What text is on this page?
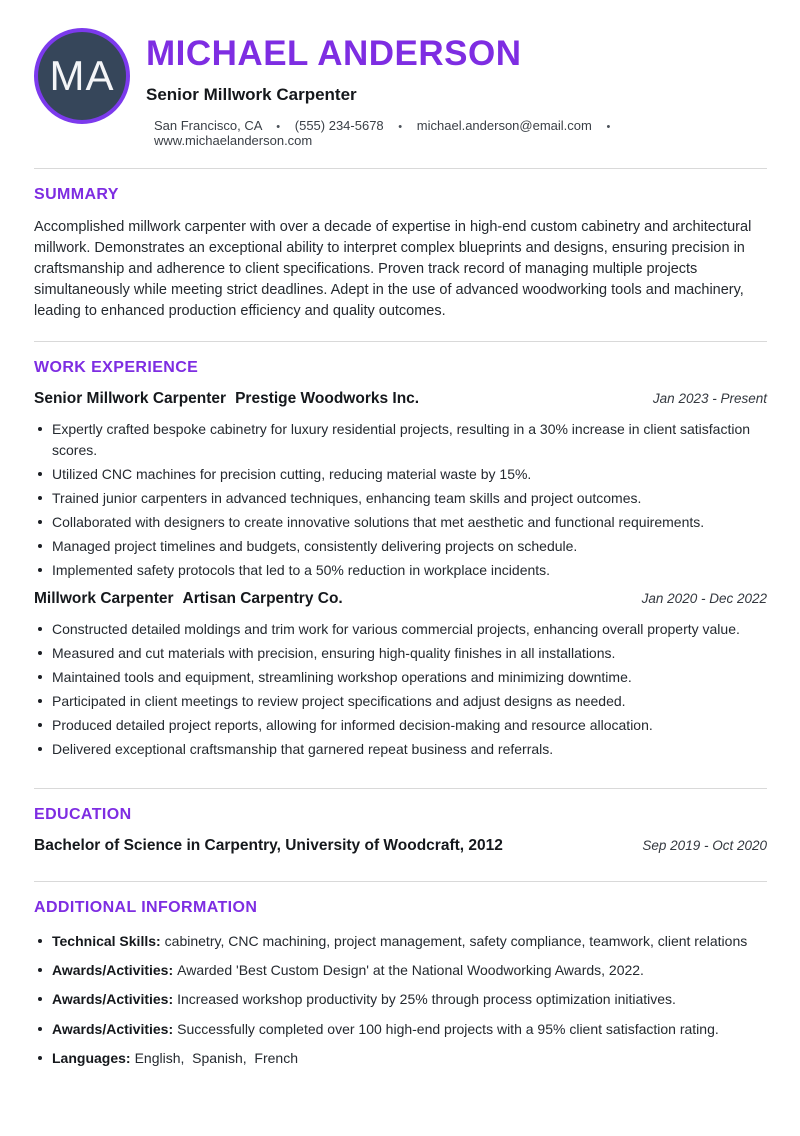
MA MICHAEL ANDERSON
Senior Millwork Carpenter
San Francisco, CA • (555) 234-5678 • michael.anderson@email.com • www.michaelanderson.com
SUMMARY

Accomplished millwork carpenter with over a decade of expertise in high-end custom cabinetry and architectural millwork. Demonstrates an exceptional ability to interpret complex blueprints and designs, ensuring precision in craftsmanship and adherence to client specifications. Proven track record of managing multiple projects simultaneously while meeting strict deadlines. Adept in the use of advanced woodworking tools and machinery, leading to enhanced production efficiency and quality outcomes.

WORK EXPERIENCE
Senior Millwork Carpenter Prestige Woodworks Inc.	Jan 2023 - Present
Expertly crafted bespoke cabinetry for luxury residential projects, resulting in a 30% increase in client satisfaction scores.
Utilized CNC machines for precision cutting, reducing material waste by 15%.
Trained junior carpenters in advanced techniques, enhancing team skills and project outcomes.
Collaborated with designers to create innovative solutions that met aesthetic and functional requirements.
Managed project timelines and budgets, consistently delivering projects on schedule.
Implemented safety protocols that led to a 50% reduction in workplace incidents.
Millwork Carpenter Artisan Carpentry Co.	Jan 2020 - Dec 2022
Constructed detailed moldings and trim work for various commercial projects, enhancing overall property value.
Measured and cut materials with precision, ensuring high-quality finishes in all installations.
Maintained tools and equipment, streamlining workshop operations and minimizing downtime.
Participated in client meetings to review project specifications and adjust designs as needed.
Produced detailed project reports, allowing for informed decision-making and resource allocation.
Delivered exceptional craftsmanship that garnered repeat business and referrals.
EDUCATION
Bachelor of Science in Carpentry, University of Woodcraft, 2012	Sep 2019 - Oct 2020
ADDITIONAL INFORMATION
Technical Skills: cabinetry, CNC machining, project management, safety compliance, teamwork, client relations
Awards/Activities: Awarded 'Best Custom Design' at the National Woodworking Awards, 2022.
Awards/Activities: Increased workshop productivity by 25% through process optimization initiatives.
Awards/Activities: Successfully completed over 100 high-end projects with a 95% client satisfaction rating.
Languages: English,  Spanish,  French
